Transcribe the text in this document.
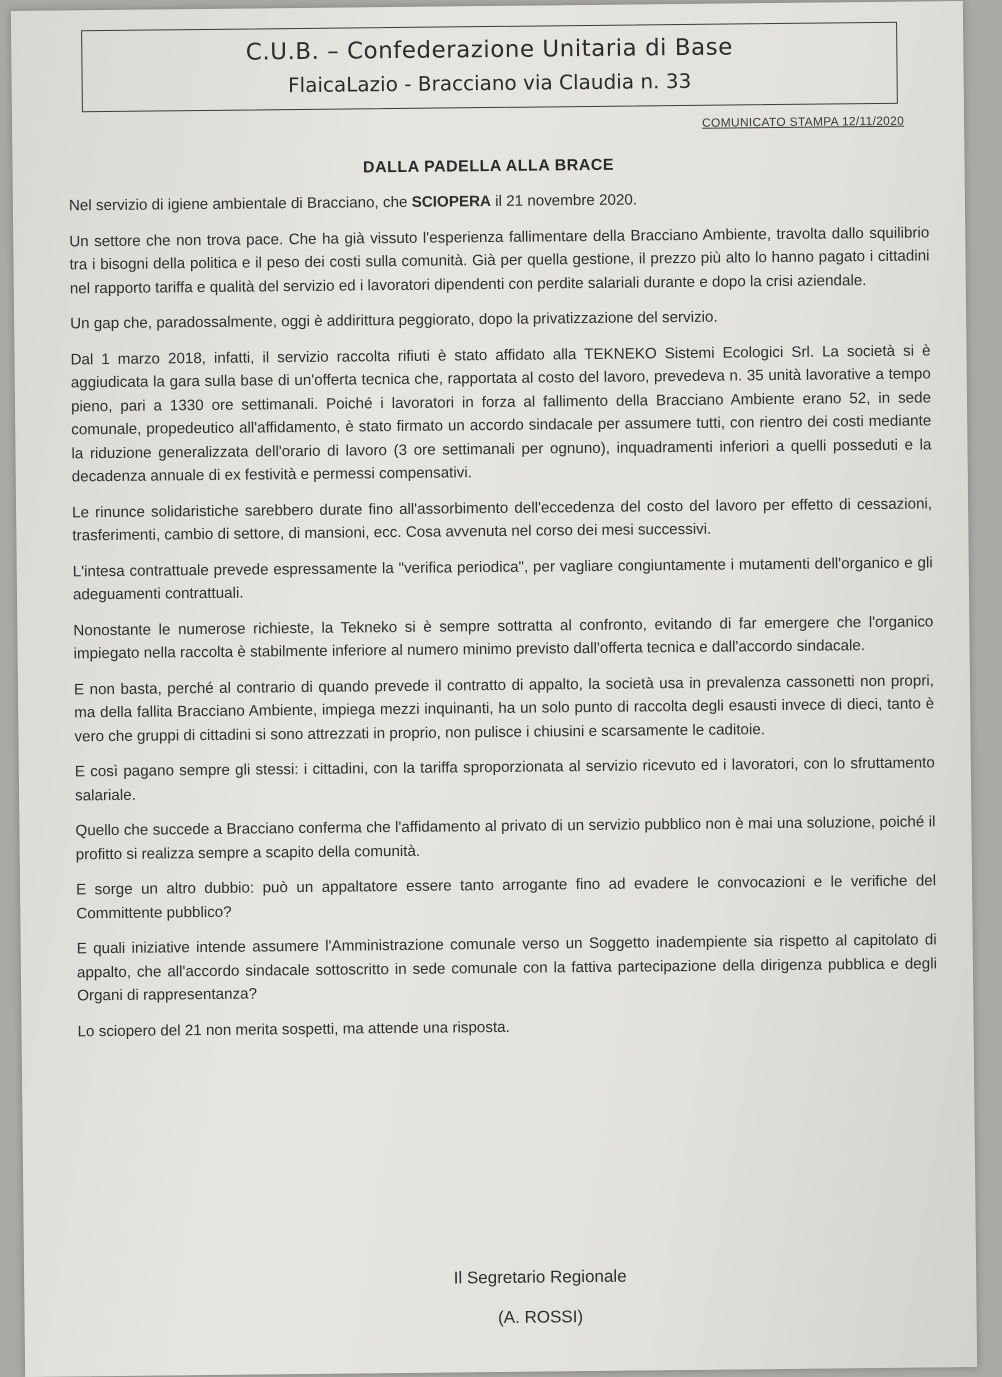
C.U.B. – Confederazione Unitaria di Base
FlaicaLazio - Bracciano via Claudia n. 33
COMUNICATO STAMPA 12/11/2020
DALLA PADELLA ALLA BRACE

Nel servizio di igiene ambientale di Bracciano, che SCIOPERA il 21 novembre 2020.

Un settore che non trova pace. Che ha già vissuto l'esperienza fallimentare della Bracciano Ambiente, travolta dallo squilibrio tra i bisogni della politica e il peso dei costi sulla comunità. Già per quella gestione, il prezzo più alto lo hanno pagato i cittadini nel rapporto tariffa e qualità del servizio ed i lavoratori dipendenti con perdite salariali durante e dopo la crisi aziendale.

Un gap che, paradossalmente, oggi è addirittura peggiorato, dopo la privatizzazione del servizio.

Dal 1 marzo 2018, infatti, il servizio raccolta rifiuti è stato affidato alla TEKNEKO Sistemi Ecologici Srl. La società si è aggiudicata la gara sulla base di un'offerta tecnica che, rapportata al costo del lavoro, prevedeva n. 35 unità lavorative a tempo pieno, pari a 1330 ore settimanali. Poiché i lavoratori in forza al fallimento della Bracciano Ambiente erano 52, in sede comunale, propedeutico all'affidamento, è stato firmato un accordo sindacale per assumere tutti, con rientro dei costi mediante la riduzione generalizzata dell'orario di lavoro (3 ore settimanali per ognuno), inquadramenti inferiori a quelli posseduti e la decadenza annuale di ex festività e permessi compensativi.

Le rinunce solidaristiche sarebbero durate fino all'assorbimento dell'eccedenza del costo del lavoro per effetto di cessazioni, trasferimenti, cambio di settore, di mansioni, ecc. Cosa avvenuta nel corso dei mesi successivi.

L'intesa contrattuale prevede espressamente la "verifica periodica", per vagliare congiuntamente i mutamenti dell'organico e gli adeguamenti contrattuali.

Nonostante le numerose richieste, la Tekneko si è sempre sottratta al confronto, evitando di far emergere che l'organico impiegato nella raccolta è stabilmente inferiore al numero minimo previsto dall'offerta tecnica e dall'accordo sindacale.

E non basta, perché al contrario di quando prevede il contratto di appalto, la società usa in prevalenza cassonetti non propri, ma della fallita Bracciano Ambiente, impiega mezzi inquinanti, ha un solo punto di raccolta degli esausti invece di dieci, tanto è vero che gruppi di cittadini si sono attrezzati in proprio, non pulisce i chiusini e scarsamente le caditoie.

E così pagano sempre gli stessi: i cittadini, con la tariffa sproporzionata al servizio ricevuto ed i lavoratori, con lo sfruttamento salariale.

Quello che succede a Bracciano conferma che l'affidamento al privato di un servizio pubblico non è mai una soluzione, poiché il profitto si realizza sempre a scapito della comunità.

E sorge un altro dubbio: può un appaltatore essere tanto arrogante fino ad evadere le convocazioni e le verifiche del Committente pubblico?

E quali iniziative intende assumere l'Amministrazione comunale verso un Soggetto inadempiente sia rispetto al capitolato di appalto, che all'accordo sindacale sottoscritto in sede comunale con la fattiva partecipazione della dirigenza pubblica e degli Organi di rappresentanza?

Lo sciopero del 21 non merita sospetti, ma attende una risposta.

Il Segretario Regionale
(A. ROSSI)
